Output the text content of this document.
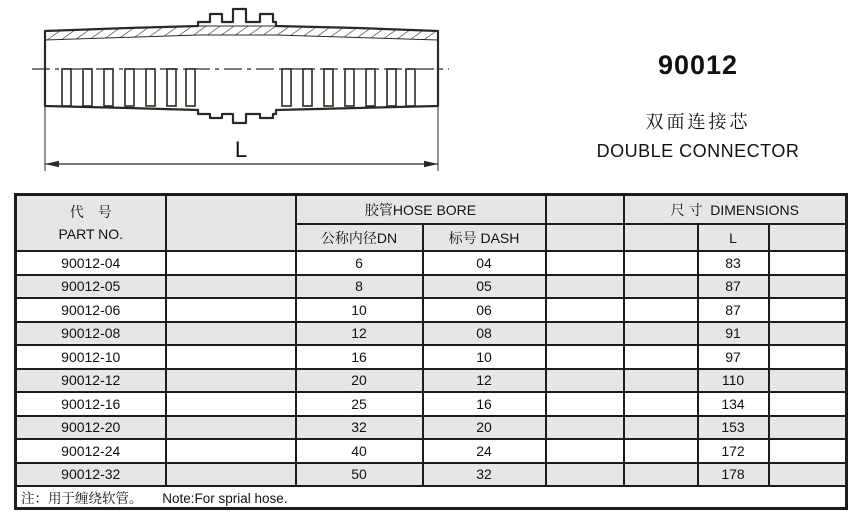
L
90012
双面连接芯
DOUBLE CONNECTOR
代　号
PART NO.		胶管HOSE BORE			尺 寸  DIMENSIONS		
		公称内径DN	标号 DASH			L	
90012-04		6	04			83	
90012-05		8	05			87	
90012-06		10	06			87	
90012-08		12	08			91	
90012-10		16	10			97	
90012-12		20	12			110	
90012-16		25	16			134	
90012-20		32	20			153	
90012-24		40	24			172	
90012-32		50	32			178	
注：用于缠绕软管。 Note:For sprial hose.							
